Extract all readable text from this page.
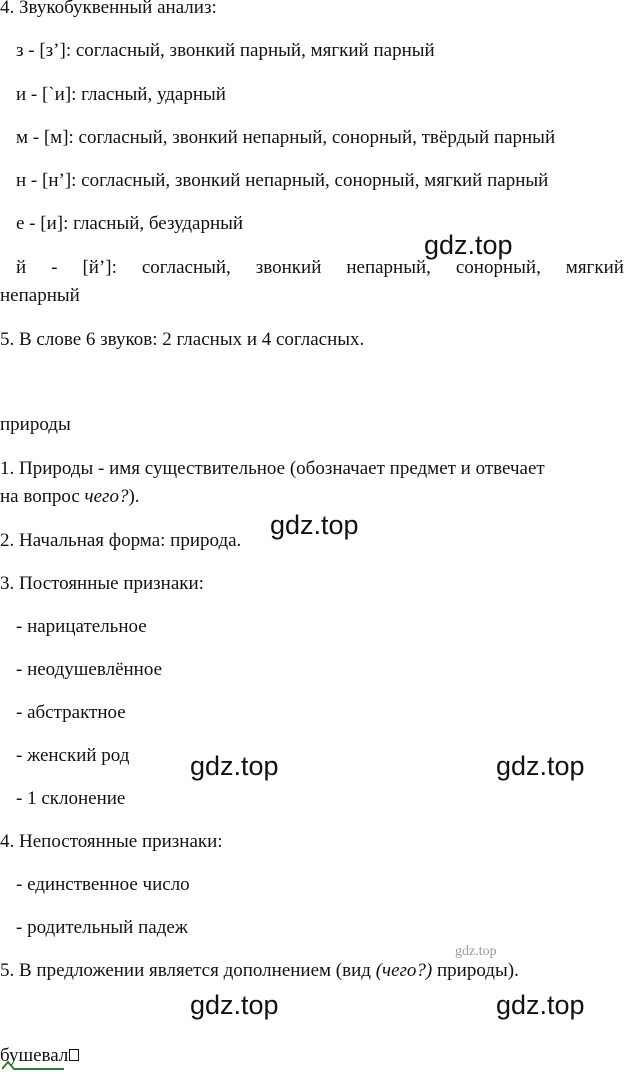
4. Звукобуквенный анализ:
з - [з’]: согласный, звонкий парный, мягкий парный
и - [`и]: гласный, ударный
м - [м]: согласный, звонкий непарный, сонорный, твёрдый парный
н - [н’]: согласный, звонкий непарный, сонорный, мягкий парный
е - [и]: гласный, безударный
й - [й’]: согласный, звонкий непарный, сонорный, мягкий
непарный
5. В слове 6 звуков: 2 гласных и 4 согласных.
природы
1. Природы - имя существительное (обозначает предмет и отвечает
на вопрос чего?).
2. Начальная форма: природа.
3. Постоянные признаки:
- нарицательное
- неодушевлённое
- абстрактное
- женский род
- 1 склонение
4. Непостоянные признаки:
- единственное число
- родительный падеж
5. В предложении является дополнением (вид (чего?) природы).
бушевал
gdz.top
gdz.top
gdz.top	gdz.top
gdz.top	gdz.top
gdz.top
